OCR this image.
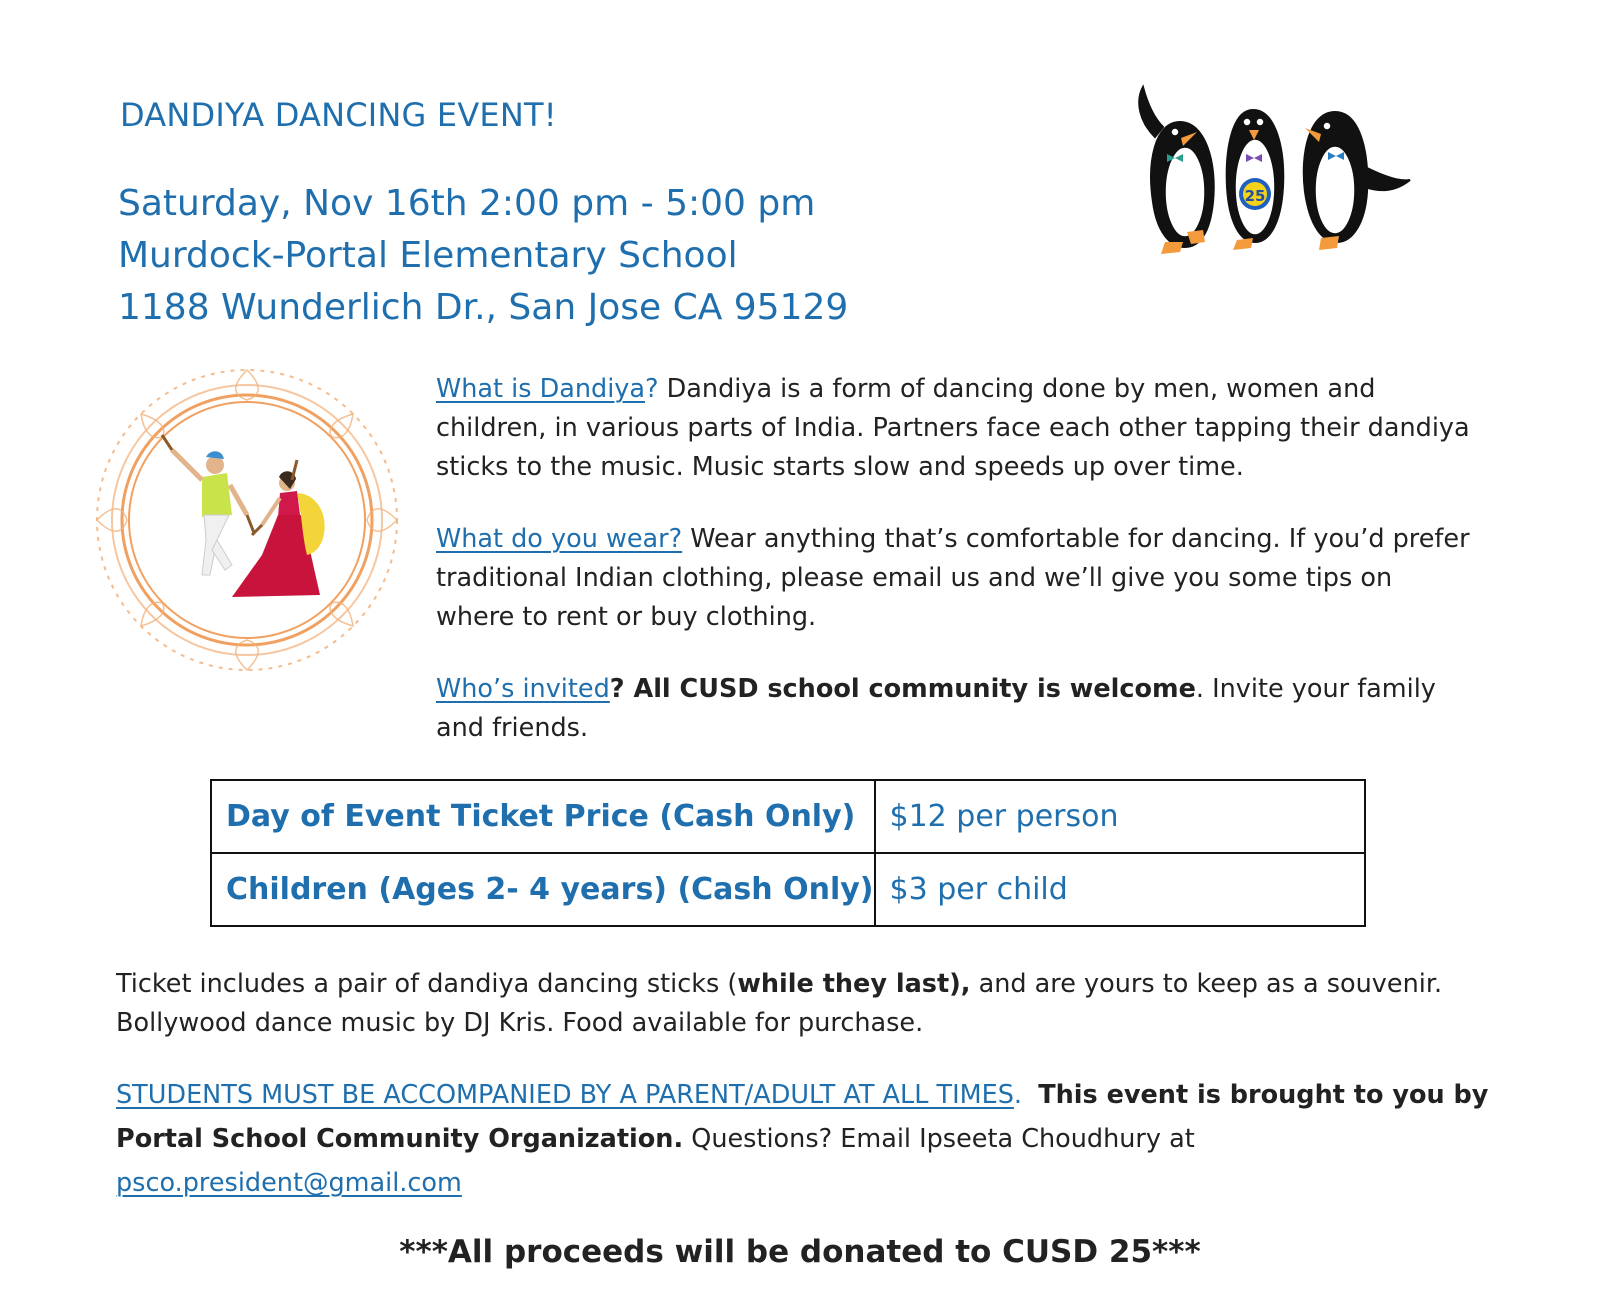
DANDIYA DANCING EVENT!
Saturday, Nov 16th 2:00 pm - 5:00 pm
Murdock-Portal Elementary School
1188 Wunderlich Dr., San Jose CA 95129
25
What is Dandiya? Dandiya is a form of dancing done by men, women and children, in various parts of India. Partners face each other tapping their dandiya sticks to the music. Music starts slow and speeds up over time.
What do you wear? Wear anything that’s comfortable for dancing. If you’d prefer traditional Indian clothing, please email us and we’ll give you some tips on where to rent or buy clothing.
Who’s invited? All CUSD school community is welcome. Invite your family and friends.
Day of Event Ticket Price (Cash Only)	$12 per person
Children (Ages 2- 4 years) (Cash Only)	$3 per child
Ticket includes a pair of dandiya dancing sticks (while they last), and are yours to keep as a souvenir.
Bollywood dance music by DJ Kris. Food available for purchase.
STUDENTS MUST BE ACCOMPANIED BY A PARENT/ADULT AT ALL TIMES. This event is brought to you by Portal School Community Organization. Questions? Email Ipseeta Choudhury at
psco.president@gmail.com
***All proceeds will be donated to CUSD 25***
